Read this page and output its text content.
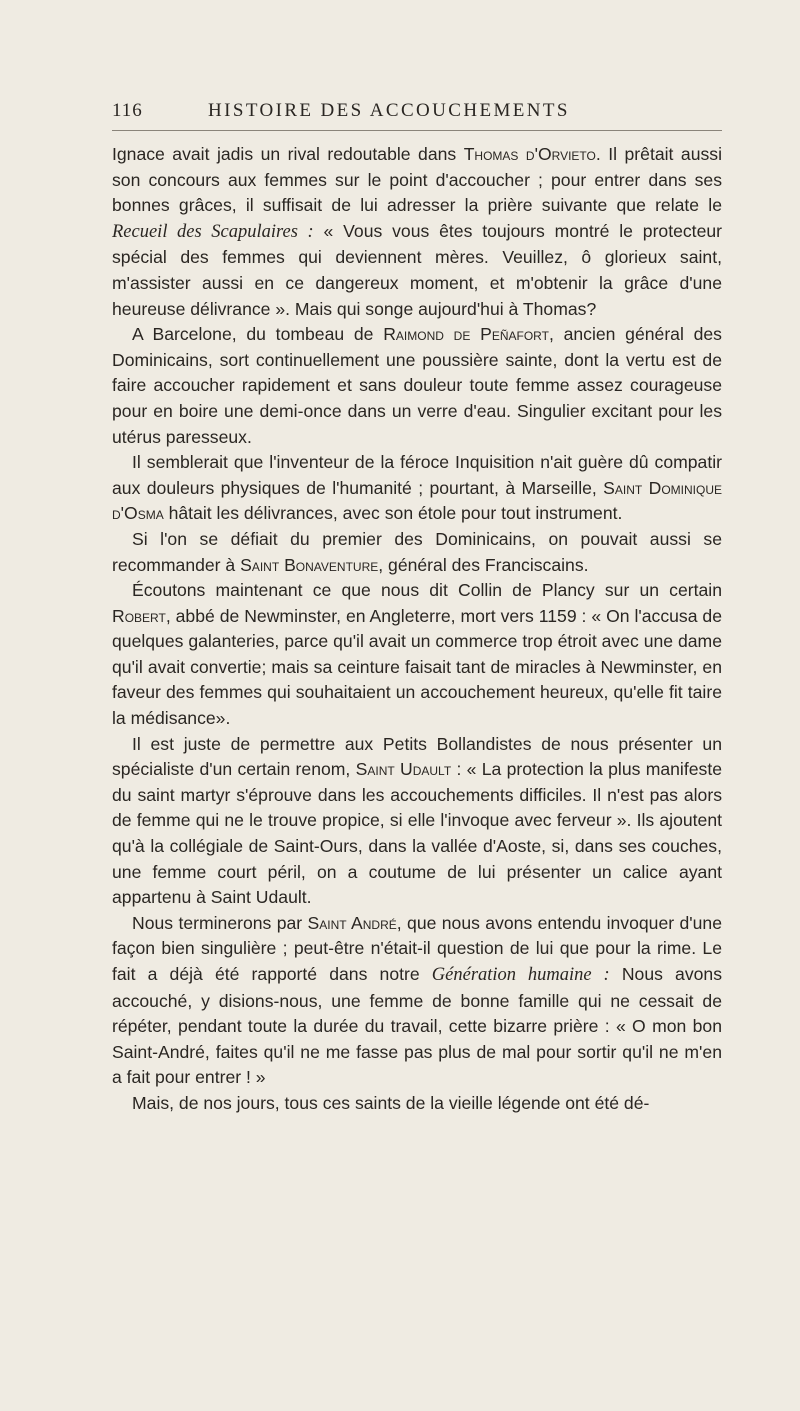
116	HISTOIRE DES ACCOUCHEMENTS

Ignace avait jadis un rival redoutable dans Thomas d'Orvieto. Il prêtait aussi son concours aux femmes sur le point d'accoucher ; pour entrer dans ses bonnes grâces, il suffisait de lui adresser la prière suivante que relate le Recueil des Scapulaires : « Vous vous êtes toujours montré le protecteur spécial des femmes qui deviennent mères. Veuillez, ô glorieux saint, m'assister aussi en ce dangereux moment, et m'obtenir la grâce d'une heureuse délivrance ». Mais qui songe aujourd'hui à Thomas?

A Barcelone, du tombeau de Raimond de Peñafort, ancien général des Dominicains, sort continuellement une poussière sainte, dont la vertu est de faire accoucher rapidement et sans douleur toute femme assez courageuse pour en boire une demi-once dans un verre d'eau. Singulier excitant pour les utérus paresseux.

Il semblerait que l'inventeur de la féroce Inquisition n'ait guère dû compatir aux douleurs physiques de l'humanité ; pourtant, à Marseille, Saint Dominique d'Osma hâtait les délivrances, avec son étole pour tout instrument.

Si l'on se défiait du premier des Dominicains, on pouvait aussi se recommander à Saint Bonaventure, général des Franciscains.

Écoutons maintenant ce que nous dit Collin de Plancy sur un certain Robert, abbé de Newminster, en Angleterre, mort vers 1159 : « On l'accusa de quelques galanteries, parce qu'il avait un commerce trop étroit avec une dame qu'il avait convertie; mais sa ceinture faisait tant de miracles à Newminster, en faveur des femmes qui souhaitaient un accouchement heureux, qu'elle fit taire la médisance».

Il est juste de permettre aux Petits Bollandistes de nous présenter un spécialiste d'un certain renom, Saint Udault : « La protection la plus manifeste du saint martyr s'éprouve dans les accouchements difficiles. Il n'est pas alors de femme qui ne le trouve propice, si elle l'invoque avec ferveur ». Ils ajoutent qu'à la collégiale de Saint-Ours, dans la vallée d'Aoste, si, dans ses couches, une femme court péril, on a coutume de lui présenter un calice ayant appartenu à Saint Udault.

Nous terminerons par Saint André, que nous avons entendu invoquer d'une façon bien singulière ; peut-être n'était-il question de lui que pour la rime. Le fait a déjà été rapporté dans notre Génération humaine : Nous avons accouché, y disions-nous, une femme de bonne famille qui ne cessait de répéter, pendant toute la durée du travail, cette bizarre prière : « O mon bon Saint-André, faites qu'il ne me fasse pas plus de mal pour sortir qu'il ne m'en a fait pour entrer ! »

Mais, de nos jours, tous ces saints de la vieille légende ont été dé-
